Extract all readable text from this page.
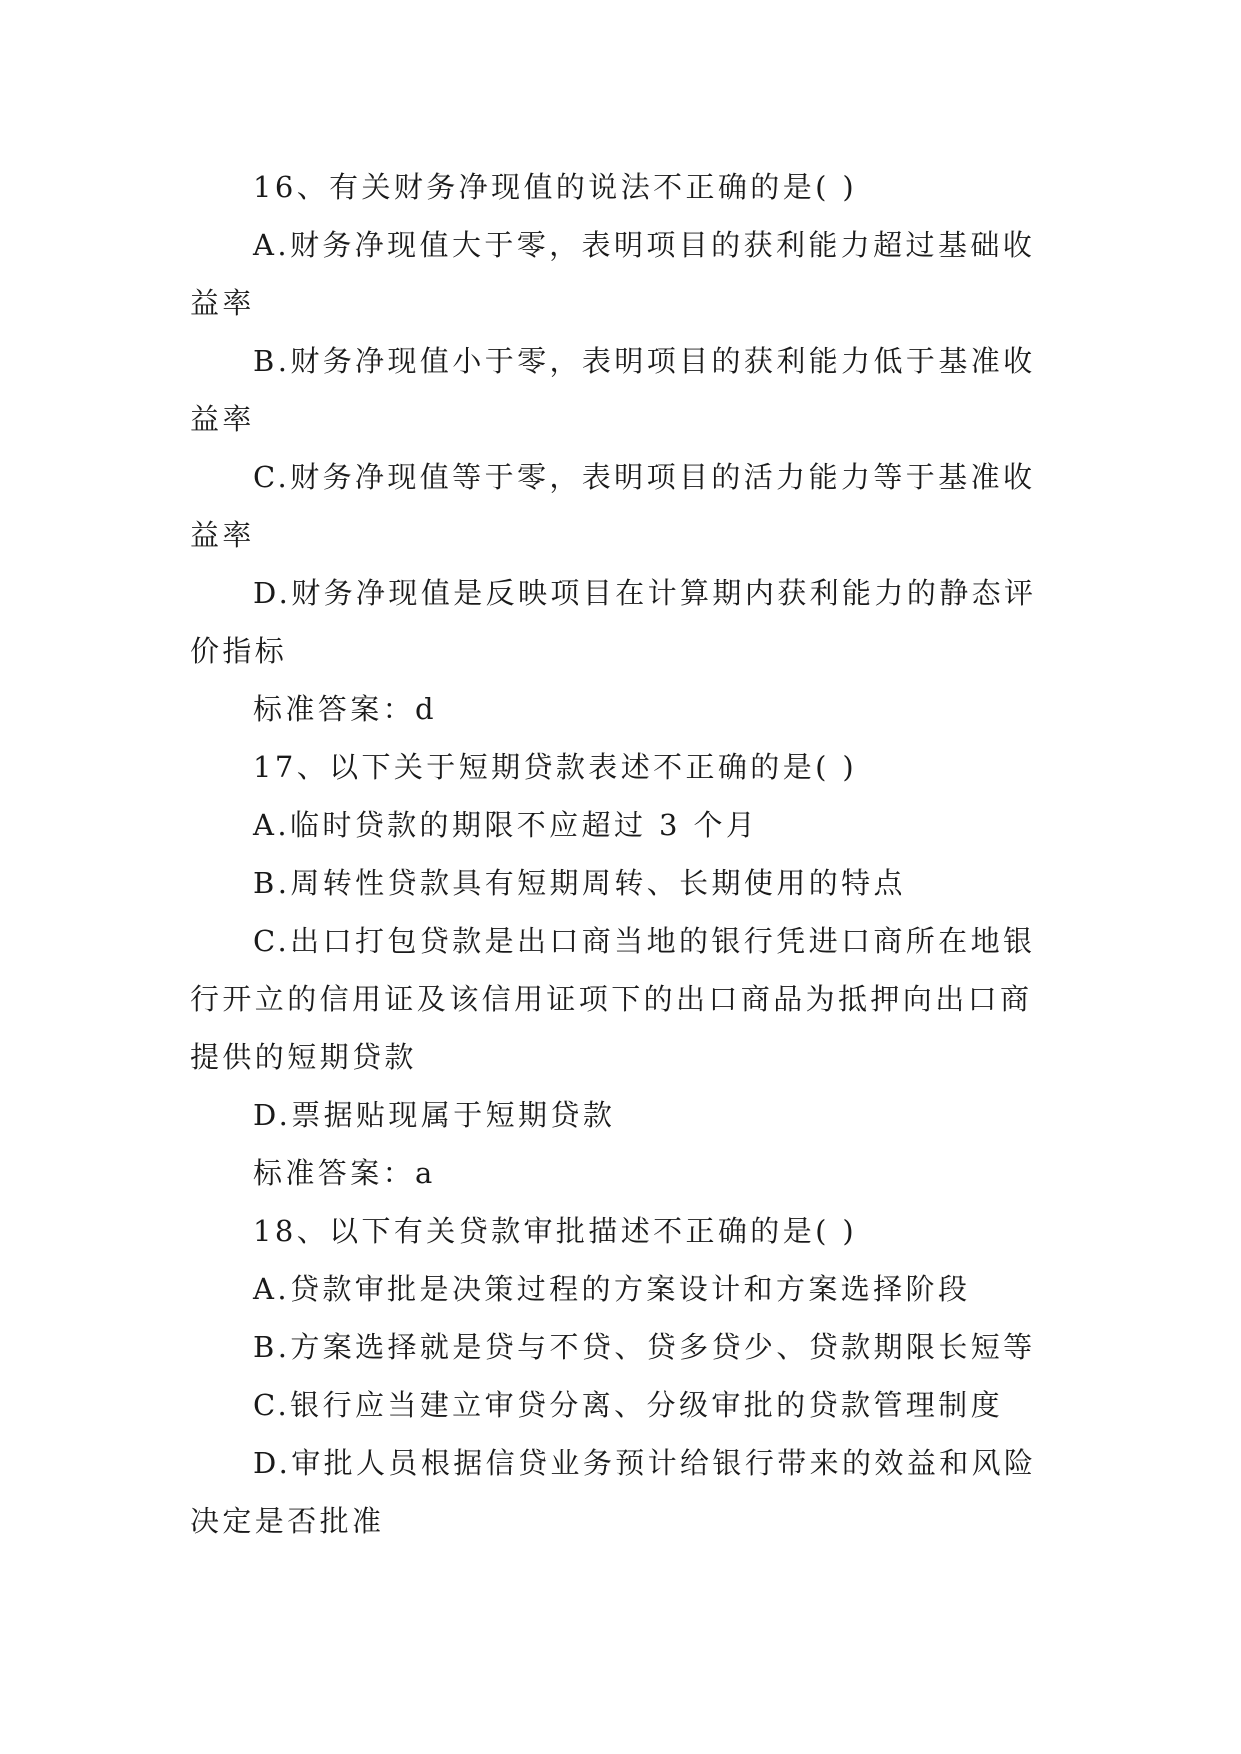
16、有关财务净现值的说法不正确的是( )

A.财务净现值大于零，表明项目的获利能力超过基础收益率

B.财务净现值小于零，表明项目的获利能力低于基准收益率

C.财务净现值等于零，表明项目的活力能力等于基准收益率

D.财务净现值是反映项目在计算期内获利能力的静态评价指标

标准答案：d

17、以下关于短期贷款表述不正确的是( )

A.临时贷款的期限不应超过 3 个月

B.周转性贷款具有短期周转、长期使用的特点

C.出口打包贷款是出口商当地的银行凭进口商所在地银行开立的信用证及该信用证项下的出口商品为抵押向出口商提供的短期贷款

D.票据贴现属于短期贷款

标准答案：a

18、以下有关贷款审批描述不正确的是( )

A.贷款审批是决策过程的方案设计和方案选择阶段

B.方案选择就是贷与不贷、贷多贷少、贷款期限长短等

C.银行应当建立审贷分离、分级审批的贷款管理制度

D.审批人员根据信贷业务预计给银行带来的效益和风险决定是否批准
